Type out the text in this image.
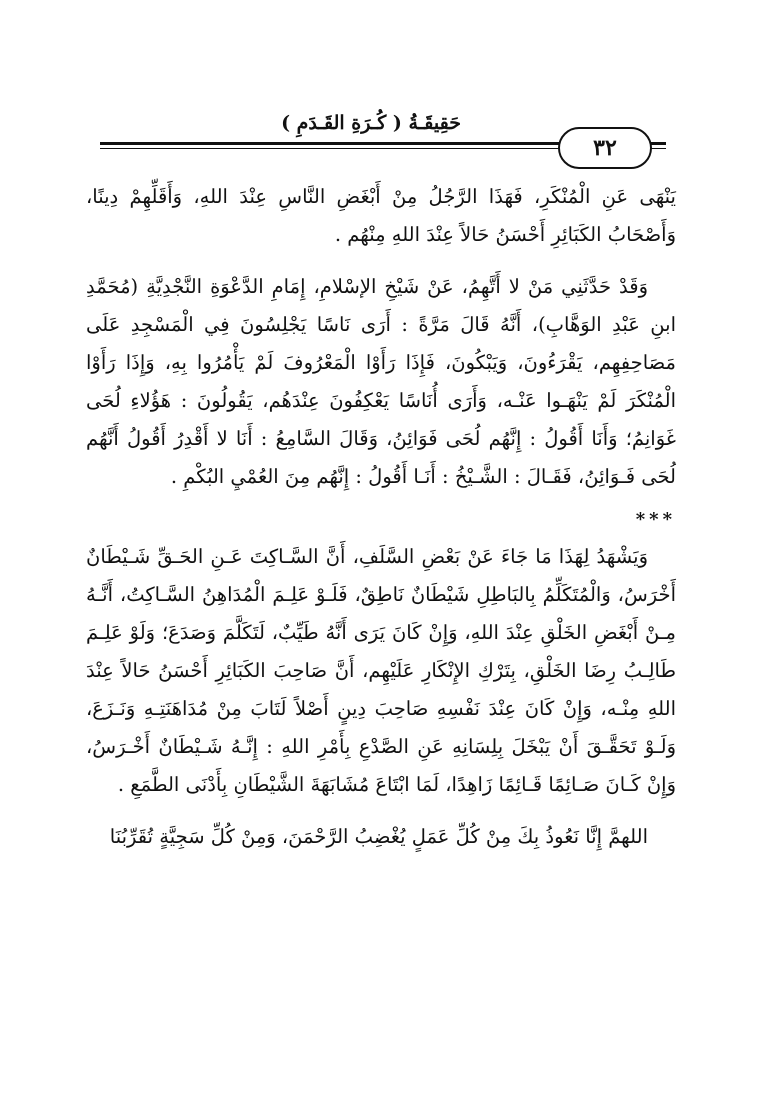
حَقِيقَـةُ ( كُـرَةِ القَـدَمِ )
٣٢

يَنْهَى عَنِ الْمُنْكَرِ، فَهَذَا الرَّجُلُ مِنْ أَبْغَضِ النَّاسِ عِنْدَ اللهِ، وَأَقَلِّهِمْ دِينًا، وَأَصْحَابُ الكَبَائِرِ أَحْسَنُ حَالاً عِنْدَ اللهِ مِنْهُم .

وَقَدْ حَدَّثَنِي مَنْ لا أَتَّهِمُ، عَنْ شَيْخِ الإسْلامِ، إِمَامِ الدَّعْوَةِ النَّجْدِيَّةِ (مُحَمَّدِ ابنِ عَبْدِ الوَهَّابِ)، أَنَّهُ قَالَ مَرَّةً : أَرَى نَاسًا يَجْلِسُونَ فِي الْمَسْجِدِ عَلَى مَصَاحِفِهِم، يَقْرَءُونَ، وَيَبْكُونَ، فَإِذَا رَأَوْا الْمَعْرُوفَ لَمْ يَأْمُرُوا بِهِ، وَإِذَا رَأَوْا الْمُنْكَرَ لَمْ يَنْهَـوا عَنْـه، وَأَرَى أُنَاسًا يَعْكِفُونَ عِنْدَهُم، يَقُولُونَ : هَؤُلاءِ لُحَى غَوَانِمُ؛ وَأَنَا أَقُولُ : إِنَّهُم لُحَى فَوَائِنُ، وَقَالَ السَّامِعُ : أَنَا لا أَقْدِرُ أَقُولُ أَنَّهُم لُحَى فَـوَائِنُ، فَقَـالَ : الشَّـيْخُ : أَنَـا أَقُولُ : إِنَّهُم مِنَ العُمْيِ البُكْمِ .

***

وَيَشْهَدُ لِهَذَا مَا جَاءَ عَنْ بَعْضِ السَّلَفِ، أَنَّ السَّـاكِتَ عَـنِ الحَـقِّ شَـيْطَانٌ أَخْرَسُ، وَالْمُتَكَلِّمُ بِالبَاطِلِ شَيْطَانٌ نَاطِقٌ، فَلَـوْ عَلِـمَ الْمُدَاهِنُ السَّـاكِتُ، أَنَّـهُ مِـنْ أَبْغَضِ الخَلْقِ عِنْدَ اللهِ، وَإِنْ كَانَ يَرَى أَنَّهُ طَيِّبٌ، لَتَكَلَّمَ وَصَدَعَ؛ وَلَوْ عَلِـمَ طَالِـبُ رِضَا الخَلْقِ، بِتَرْكِ الإِنْكَارِ عَلَيْهِم، أَنَّ صَاحِبَ الكَبَائِرِ أَحْسَنُ حَالاً عِنْدَ اللهِ مِنْـه، وَإِنْ كَانَ عِنْدَ نَفْسِهِ صَاحِبَ دِينٍ أَصْلاً لَتَابَ مِنْ مُدَاهَنَتِـهِ وَنَـزَعَ، وَلَـوْ تَحَقَّـقَ أَنْ يَبْخَلَ بِلِسَانِهِ عَنِ الصَّدْعِ بِأَمْرِ اللهِ : إِنَّـهُ شَـيْطَانٌ أَخْـرَسُ، وَإِنْ كَـانَ صَـائِمًا قَـائِمًا زَاهِدًا، لَمَا ابْتَاعَ مُشَابَهَةَ الشَّيْطَانِ بِأَدْنَى الطَّمَعِ .

اللهمَّ إِنَّا نَعُوذُ بِكَ مِنْ كُلِّ عَمَلٍ يُغْضِبُ الرَّحْمَنَ، وَمِنْ كُلِّ سَجِيَّةٍ تُقَرِّبُنَا
